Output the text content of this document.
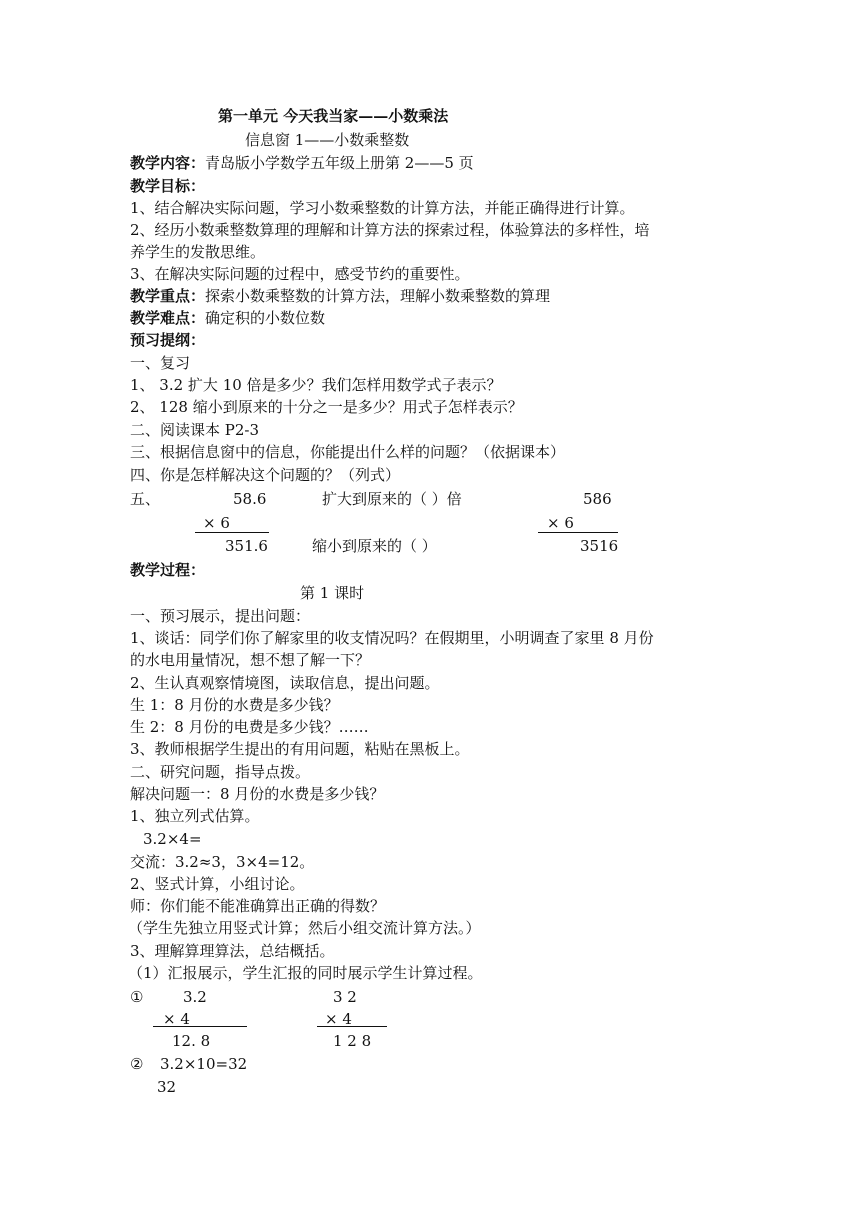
第一单元 今天我当家——小数乘法
信息窗 1——小数乘整数
教学内容：青岛版小学数学五年级上册第 2——5 页
教学目标：
1、结合解决实际问题，学习小数乘整数的计算方法，并能正确得进行计算。
2、经历小数乘整数算理的理解和计算方法的探索过程，体验算法的多样性，培
养学生的发散思维。
3、在解决实际问题的过程中，感受节约的重要性。
教学重点：探索小数乘整数的计算方法，理解小数乘整数的算理
教学难点：确定积的小数位数
预习提纲：
一、复习
1、 3.2 扩大 10 倍是多少？我们怎样用数学式子表示？
2、 128 缩小到原来的十分之一是多少？用式子怎样表示？
二、阅读课本 P2-3
三、根据信息窗中的信息，你能提出什么样的问题？（依据课本）
四、你是怎样解决这个问题的？（列式）
五、	58.6	扩大到原来的（ ）倍	586
× 6	× 6
351.6	缩小到原来的（ ）	3516
教学过程：
第 1 课时
一、预习展示，提出问题：
1、谈话：同学们你了解家里的收支情况吗？在假期里，小明调查了家里 8 月份
的水电用量情况，想不想了解一下？
2、生认真观察情境图，读取信息，提出问题。
生 1：8 月份的水费是多少钱？
生 2：8 月份的电费是多少钱？……
3、教师根据学生提出的有用问题，粘贴在黑板上。
二、研究问题，指导点拨。
解决问题一：8 月份的水费是多少钱？
1、独立列式估算。
3.2×4=
交流：3.2≈3，3×4=12。
2、竖式计算，小组讨论。
师：你们能不能准确算出正确的得数？
（学生先独立用竖式计算；然后小组交流计算方法。）
3、理解算理算法，总结概括。
（1）汇报展示，学生汇报的同时展示学生计算过程。
①	3.2	3 2
× 4	× 4
12. 8	1 2 8
② 3.2×10=32
32
